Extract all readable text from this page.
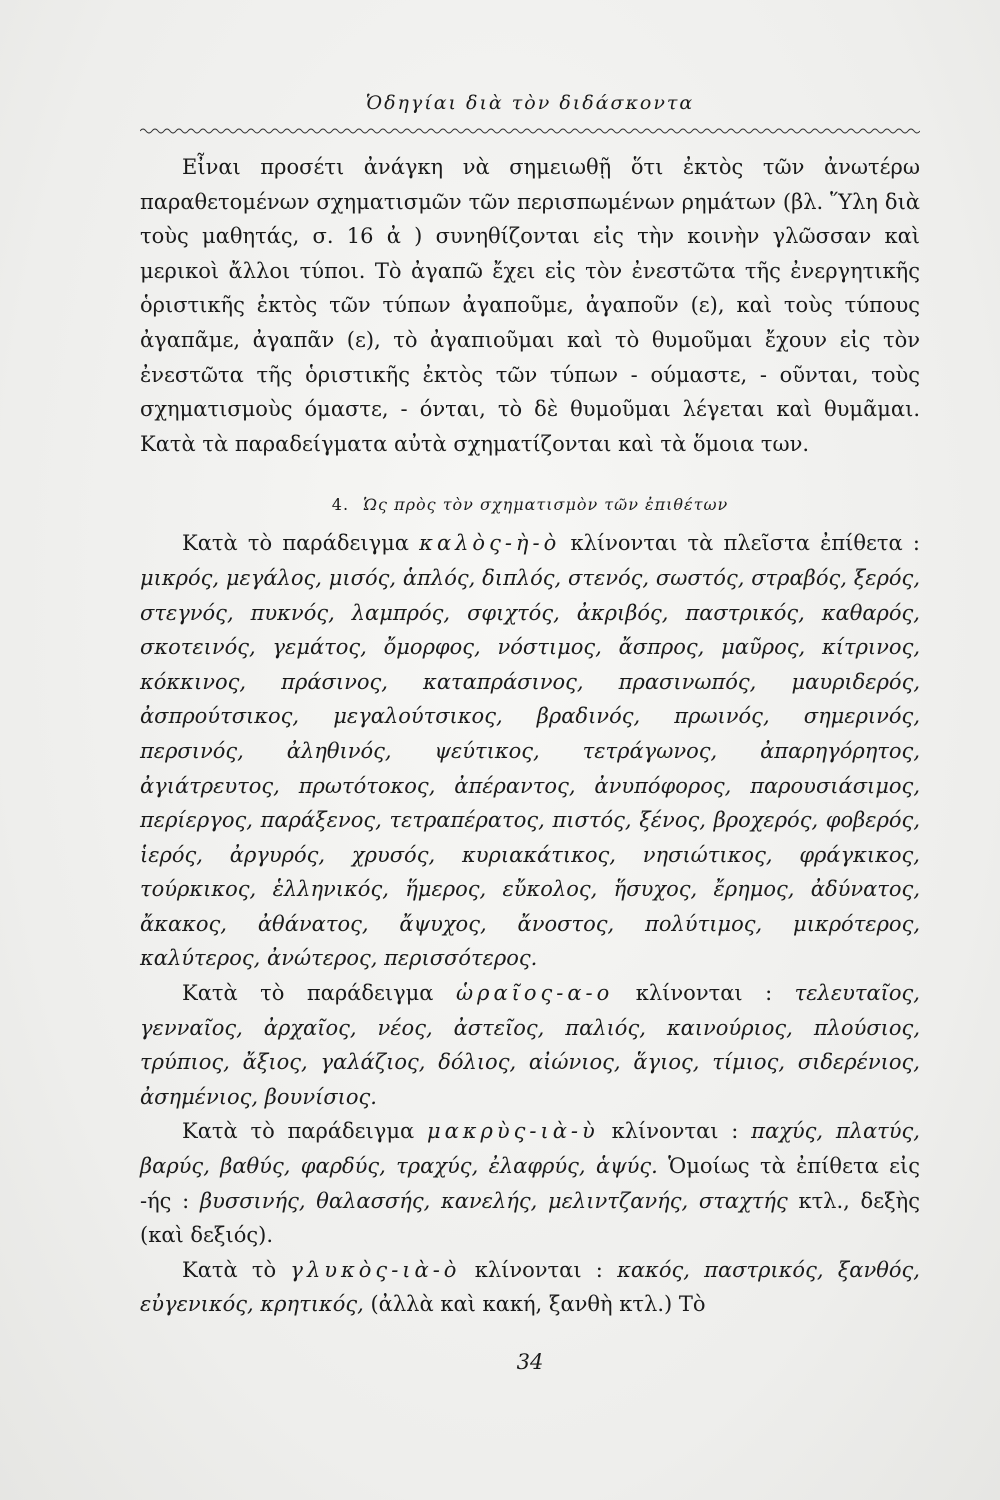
Ὁδηγίαι διὰ τὸν διδάσκοντα

Εἶναι προσέτι ἀνάγκη νὰ σημειωθῇ ὅτι ἐκτὸς τῶν ἀνωτέρω παραθετομένων σχηματισμῶν τῶν περισπωμένων ρημάτων (βλ. Ὕλη διὰ τοὺς μαθητάς, σ. 16 ἀ ) συνηθίζονται εἰς τὴν κοινὴν γλῶσσαν καὶ μερικοὶ ἄλλοι τύποι. Τὸ ἀγαπῶ ἔχει εἰς τὸν ἐνεστῶτα τῆς ἐνεργητικῆς ὁριστικῆς ἐκτὸς τῶν τύπων ἀγαποῦμε, ἀγαποῦν (ε), καὶ τοὺς τύπους ἀγαπᾶμε, ἀγαπᾶν (ε), τὸ ἀγαπιοῦμαι καὶ τὸ θυμοῦμαι ἔχουν εἰς τὸν ἐνεστῶτα τῆς ὁριστικῆς ἐκτὸς τῶν τύπων - ούμαστε, - οῦνται, τοὺς σχηματισμοὺς όμαστε, - όνται, τὸ δὲ θυμοῦμαι λέγεται καὶ θυμᾶμαι. Κατὰ τὰ παραδείγματα αὐτὰ σχηματίζονται καὶ τὰ ὅμοια των.

4. Ὡς πρὸς τὸν σχηματισμὸν τῶν ἐπιθέτων

Κατὰ τὸ παράδειγμα καλὸς-ὴ-ὸ κλίνονται τὰ πλεῖστα ἐπίθετα : μικρός, μεγάλος, μισός, ἁπλός, διπλός, στενός, σωστός, στραβός, ξερός, στεγνός, πυκνός, λαμπρός, σφιχτός, ἀκριβός, παστρικός, καθαρός, σκοτεινός, γεμάτος, ὄμορφος, νόστιμος, ἄσπρος, μαῦρος, κίτρινος, κόκκινος, πράσινος, καταπράσινος, πρασινωπός, μαυριδερός, ἀσπρούτσικος, μεγαλούτσικος, βραδινός, πρωινός, σημερινός, περσινός, ἀληθινός, ψεύτικος, τετράγωνος, ἀπαρηγόρητος, ἀγιάτρευτος, πρωτότοκος, ἀπέραντος, ἀνυπόφορος, παρουσιάσιμος, περίεργος, παράξενος, τετραπέρατος, πιστός, ξένος, βροχερός, φοβερός, ἱερός, ἀργυρός, χρυσός, κυριακάτικος, νησιώτικος, φράγκικος, τούρκικος, ἑλληνικός, ἥμερος, εὔκολος, ἥσυχος, ἔρημος, ἀδύνατος, ἄκακος, ἀθάνατος, ἄψυχος, ἄνοστος, πολύτιμος, μικρότερος, καλύτερος, ἀνώτερος, περισσότερος.

Κατὰ τὸ παράδειγμα ὡραῖος-α-ο κλίνονται : τελευταῖος, γενναῖος, ἀρχαῖος, νέος, ἀστεῖος, παλιός, καινούριος, πλούσιος, τρύπιος, ἄξιος, γαλάζιος, δόλιος, αἰώνιος, ἅγιος, τίμιος, σιδερένιος, ἀσημένιος, βουνίσιος.

Κατὰ τὸ παράδειγμα μακρὺς-ιὰ-ὺ κλίνονται : παχύς, πλατύς, βαρύς, βαθύς, φαρδύς, τραχύς, ἐλαφρύς, ἁψύς. Ὁμοίως τὰ ἐπίθετα εἰς -ής : βυσσινής, θαλασσής, κανελής, μελιντζανής, σταχτής κτλ., δεξὴς (καὶ δεξιός).

Κατὰ τὸ γλυκὸς-ιὰ-ὸ κλίνονται : κακός, παστρικός, ξανθός, εὐγενικός, κρητικός, (ἀλλὰ καὶ κακή, ξανθὴ κτλ.) Τὸ

34
